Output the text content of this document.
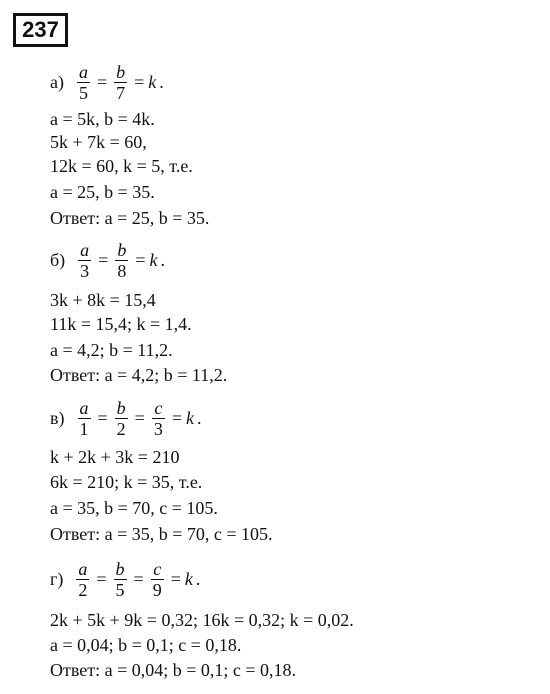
237
$а) \frac{a}{5} = \frac{b}{7} = k$ .
a = 5k, b = 4k.
5k + 7k = 60,
12k = 60, k = 5, т.е.
a = 25, b = 35.
Ответ: a = 25, b = 35.
$б) \frac{a}{3} = \frac{b}{8} = k$ .
3k + 8k = 15,4
11k = 15,4; k = 1,4.
a = 4,2; b = 11,2.
Ответ: a = 4,2; b = 11,2.
$в) \frac{a}{1} = \frac{b}{2} = \frac{c}{3} = k$ .
k + 2k + 3k = 210
6k = 210; k = 35, т.е.
a = 35, b = 70, c = 105.
Ответ: a = 35, b = 70, c = 105.
$г) \frac{a}{2} = \frac{b}{5} = \frac{c}{9} = k$ .
2k + 5k + 9k = 0,32; 16k = 0,32; k = 0,02.
a = 0,04; b = 0,1; c = 0,18.
Ответ: a = 0,04; b = 0,1; c = 0,18.
